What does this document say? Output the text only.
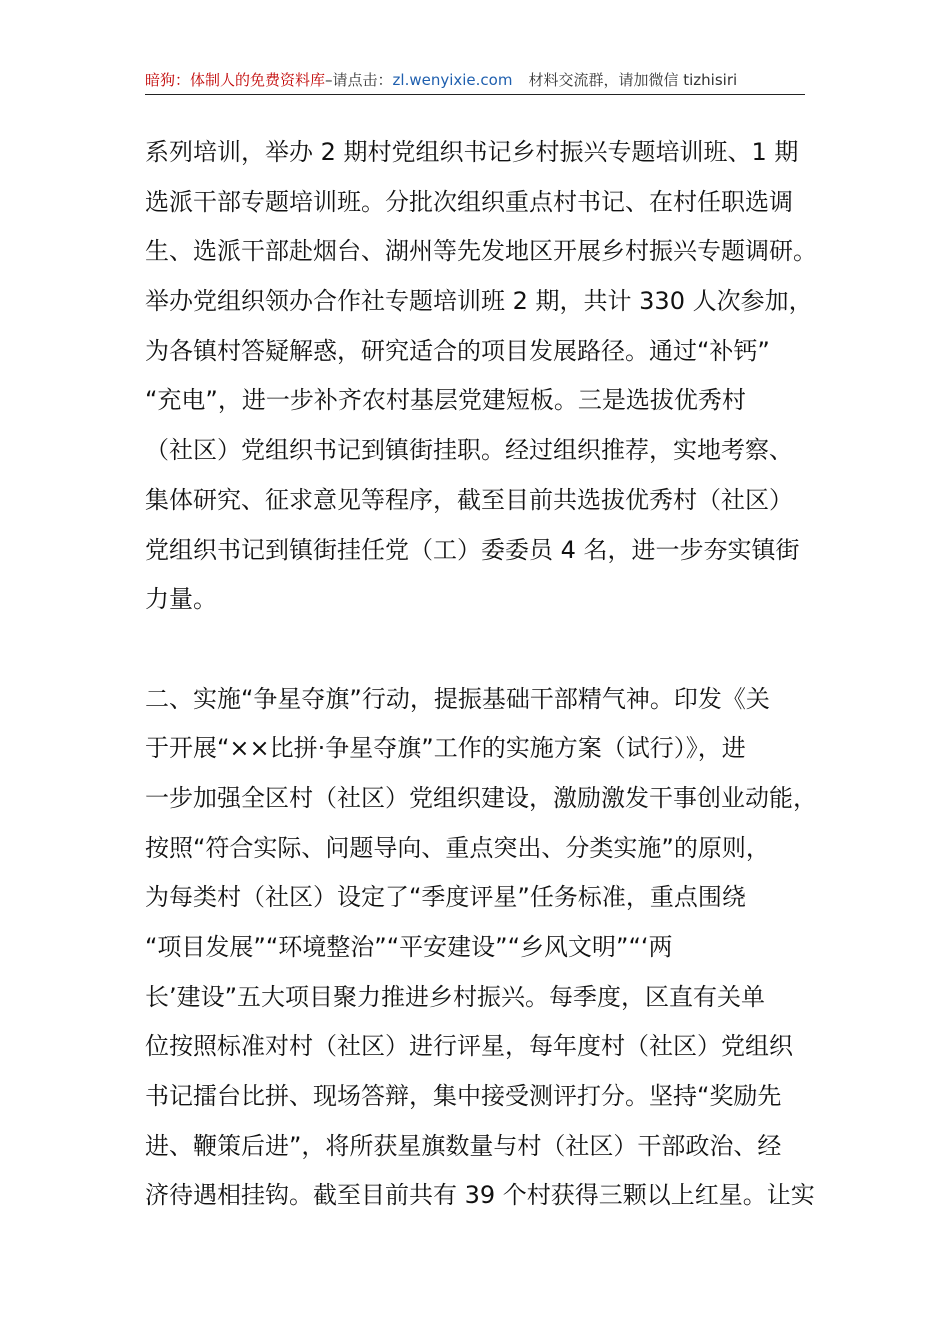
暗狗：体制人的免费资料库–请点击：zl.wenyixie.com 材料交流群，请加微信 tizhisiri
系列培训，举办 2 期村党组织书记乡村振兴专题培训班、1 期
选派干部专题培训班。分批次组织重点村书记、在村任职选调
生、选派干部赴烟台、湖州等先发地区开展乡村振兴专题调研。
举办党组织领办合作社专题培训班 2 期，共计 330 人次参加，
为各镇村答疑解惑，研究适合的项目发展路径。通过“补钙”
“充电”，进一步补齐农村基层党建短板。三是选拔优秀村
（社区）党组织书记到镇街挂职。经过组织推荐，实地考察、
集体研究、征求意见等程序，截至目前共选拔优秀村（社区）
党组织书记到镇街挂任党（工）委委员 4 名，进一步夯实镇街
力量。
二、实施“争星夺旗”行动，提振基础干部精气神。印发《关
于开展“××比拼·争星夺旗”工作的实施方案（试行）》，进
一步加强全区村（社区）党组织建设，激励激发干事创业动能，
按照“符合实际、问题导向、重点突出、分类实施”的原则，
为每类村（社区）设定了“季度评星”任务标准，重点围绕
“项目发展”“环境整治”“平安建设”“乡风文明”“‘两
长’建设”五大项目聚力推进乡村振兴。每季度，区直有关单
位按照标准对村（社区）进行评星，每年度村（社区）党组织
书记擂台比拼、现场答辩，集中接受测评打分。坚持“奖励先
进、鞭策后进”，将所获星旗数量与村（社区）干部政治、经
济待遇相挂钩。截至目前共有 39 个村获得三颗以上红星。让实
